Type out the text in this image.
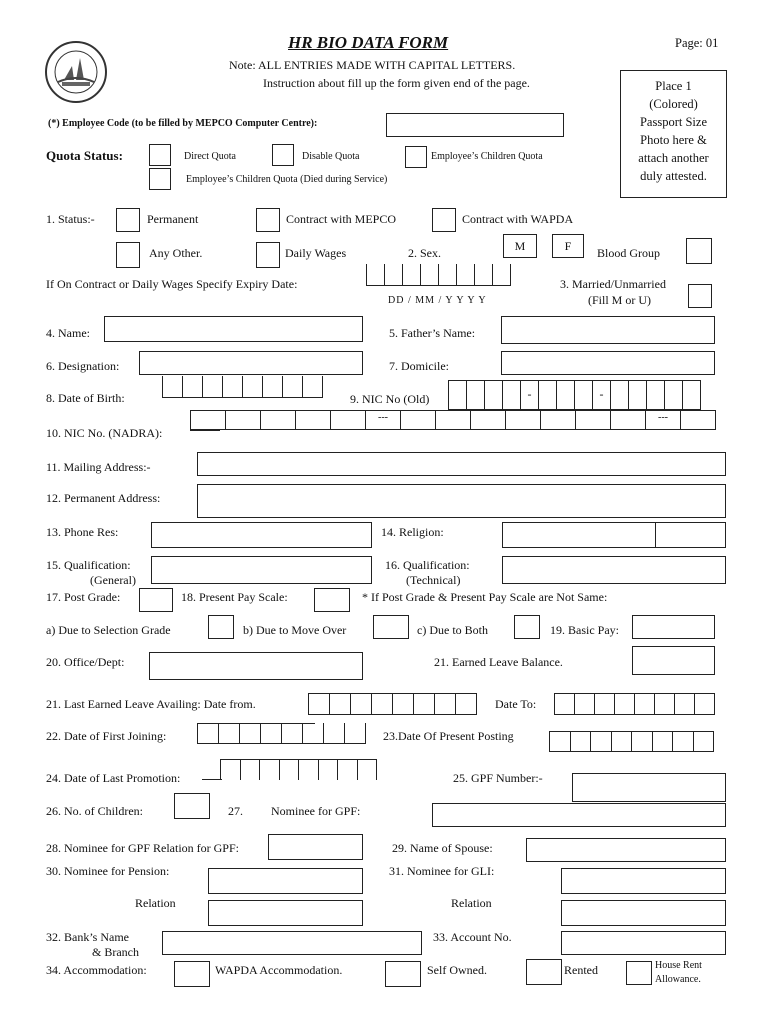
HR BIO DATA FORM	Page: 01
Note: ALL ENTRIES MADE WITH CAPITAL LETTERS.
Instruction about fill up the form given end of the page.	Place 1
(Colored)
Passport Size
Photo here &
attach another
duly attested.
(*) Employee Code (to be filled by MEPCO Computer Centre):
Quota Status:	Direct Quota	Disable Quota	Employee’s Children Quota
Employee’s Children Quota (Died during Service)
1. Status:-	Permanent	Contract with MEPCO	Contract with WAPDA
Any Other.	Daily Wages	2. Sex.	M	F	Blood Group
If On Contract or Daily Wages Specify Expiry Date:
DD / MM / Y Y Y Y
3. Married/Unmarried
(Fill M or U)
4. Name:	5. Father’s Name:
6. Designation:	7. Domicile:
8. Date of Birth:	9. NIC No (Old)	-	-
10. NIC No. (NADRA):
---	---
11. Mailing Address:-
12. Permanent Address:
13. Phone Res:	14. Religion:
15. Qualification:
(General)
16. Qualification:
(Technical)
17. Post Grade:	18. Present Pay Scale:	* If Post Grade & Present Pay Scale are Not Same:
a) Due to Selection Grade	b) Due to Move Over	c) Due to Both	19. Basic Pay:
20. Office/Dept:	21. Earned Leave Balance.
21. Last Earned Leave Availing: Date from.	Date To:
22. Date of First Joining:	23.Date Of Present Posting
24. Date of Last Promotion:	25. GPF Number:-
26. No. of Children:	27. Nominee for GPF:
28. Nominee for GPF Relation for GPF:	29. Name of Spouse:
30. Nominee for Pension:	31. Nominee for GLI:
Relation	Relation
32. Bank’s Name
& Branch
33. Account No.
34. Accommodation:	WAPDA Accommodation.	Self Owned.	Rented	House Rent
Allowance.
